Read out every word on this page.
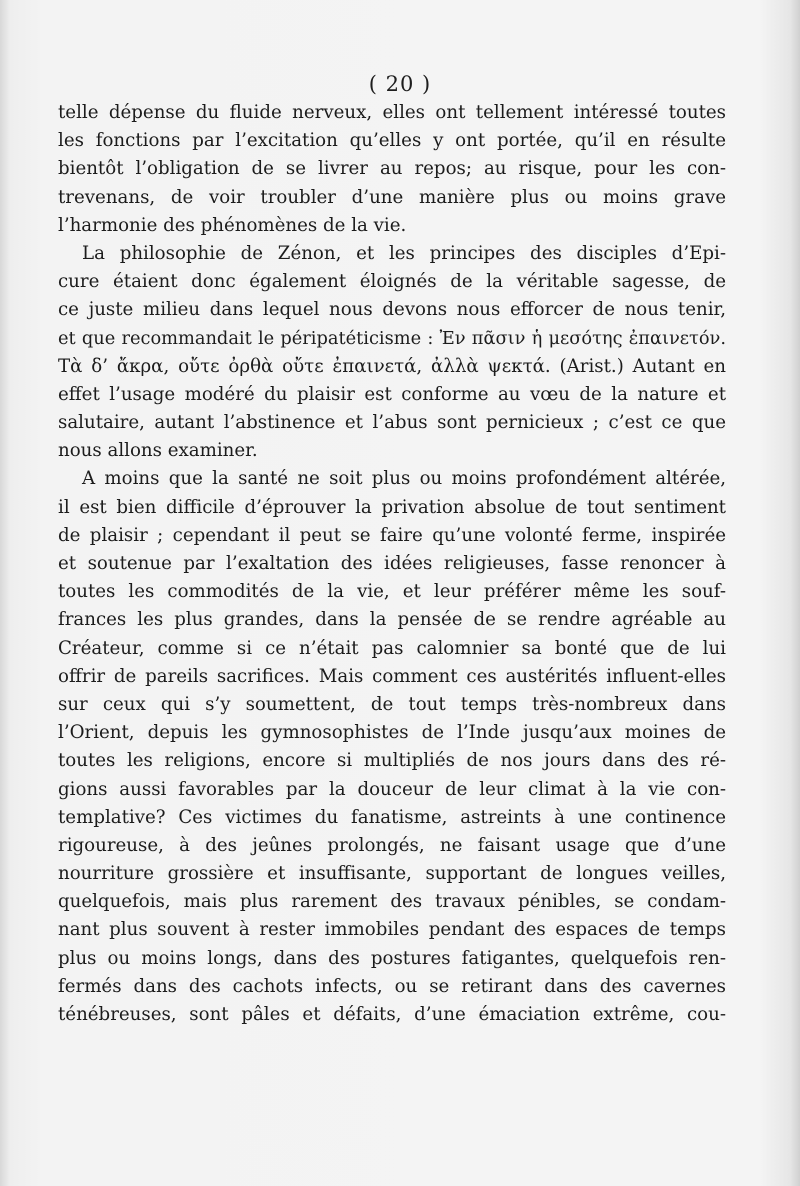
( 20 )
telle dépense du fluide nerveux, elles ont tellement intéressé toutes
les fonctions par l’excitation qu’elles y ont portée, qu’il en résulte
bientôt l’obligation de se livrer au repos; au risque, pour les con-
trevenans, de voir troubler d’une manière plus ou moins grave
l’harmonie des phénomènes de la vie.
La philosophie de Zénon, et les principes des disciples d’Epi-
cure étaient donc également éloignés de la véritable sagesse, de
ce juste milieu dans lequel nous devons nous efforcer de nous tenir,
et que recommandait le péripatéticisme : Ἐν πᾶσιν ἡ μεσότης ἐπαινετόν.
Τὰ δ’ ἄκρα, οὔτε ὀρθὰ οὔτε ἐπαινετά, ἀλλὰ ψεκτά. (Arist.) Autant en
effet l’usage modéré du plaisir est conforme au vœu de la nature et
salutaire, autant l’abstinence et l’abus sont pernicieux ; c’est ce que
nous allons examiner.
A moins que la santé ne soit plus ou moins profondément altérée,
il est bien difficile d’éprouver la privation absolue de tout sentiment
de plaisir ; cependant il peut se faire qu’une volonté ferme, inspirée
et soutenue par l’exaltation des idées religieuses, fasse renoncer à
toutes les commodités de la vie, et leur préférer même les souf-
frances les plus grandes, dans la pensée de se rendre agréable au
Créateur, comme si ce n’était pas calomnier sa bonté que de lui
offrir de pareils sacrifices. Mais comment ces austérités influent-elles
sur ceux qui s’y soumettent, de tout temps très-nombreux dans
l’Orient, depuis les gymnosophistes de l’Inde jusqu’aux moines de
toutes les religions, encore si multipliés de nos jours dans des ré-
gions aussi favorables par la douceur de leur climat à la vie con-
templative? Ces victimes du fanatisme, astreints à une continence
rigoureuse, à des jeûnes prolongés, ne faisant usage que d’une
nourriture grossière et insuffisante, supportant de longues veilles,
quelquefois, mais plus rarement des travaux pénibles, se condam-
nant plus souvent à rester immobiles pendant des espaces de temps
plus ou moins longs, dans des postures fatigantes, quelquefois ren-
fermés dans des cachots infects, ou se retirant dans des cavernes
ténébreuses, sont pâles et défaits, d’une émaciation extrême, cou-
